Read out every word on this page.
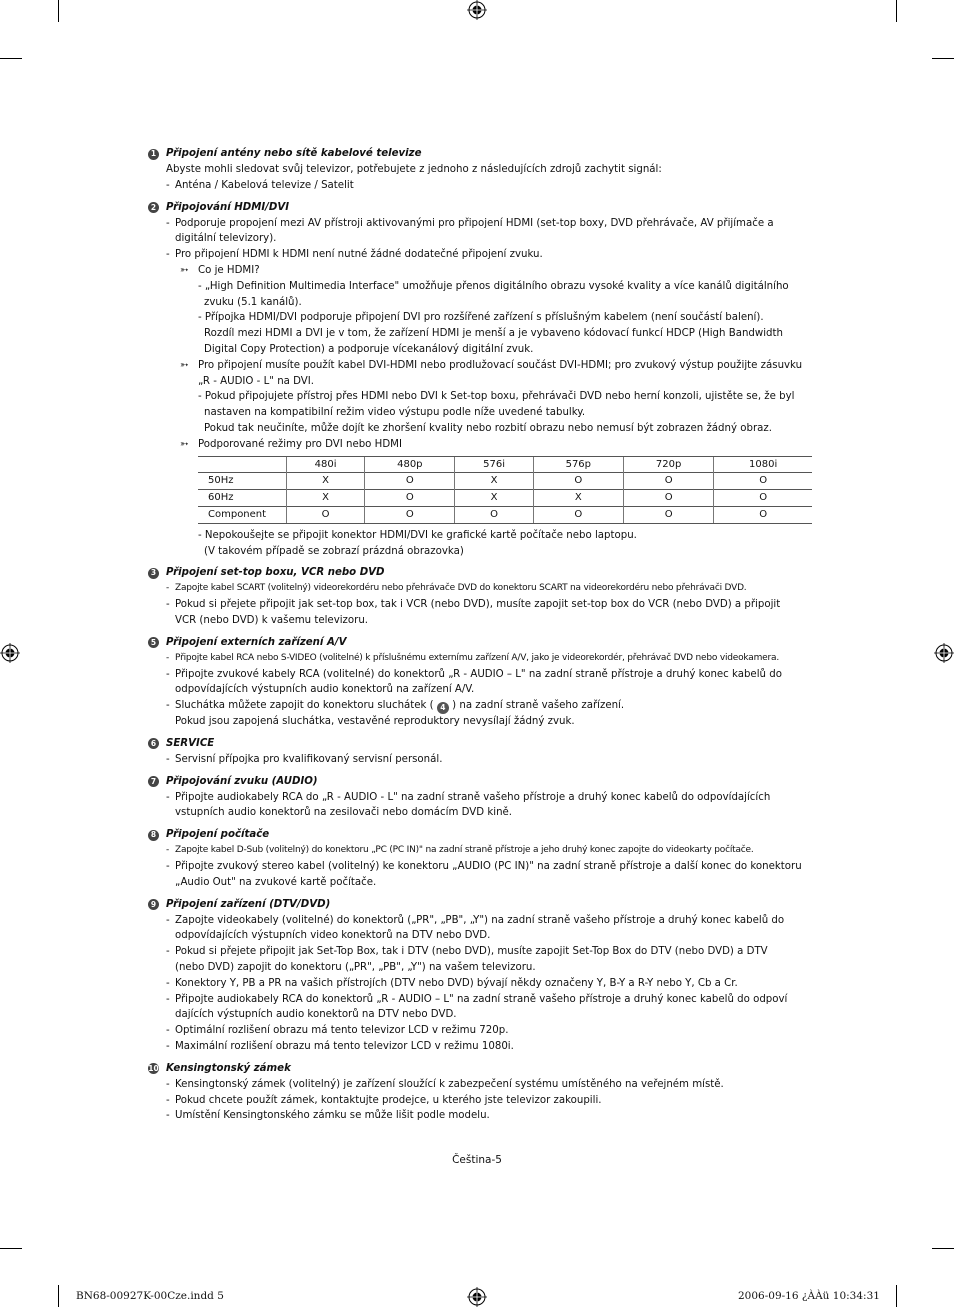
1 Připojení antény nebo sítě kabelové televize
Abyste mohli sledovat svůj televizor, potřebujete z jednoho z následujících zdrojů zachytit signál:
- Anténa / Kabelová televize / Satelit
2 Připojování HDMI/DVI
- Podporuje propojení mezi AV přístroji aktivovanými pro připojení HDMI (set-top boxy, DVD přehrávače, AV přijímače a
digitální televizory).
- Pro připojení HDMI k HDMI není nutné žádné dodatečné připojení zvuku.
➳ Co je HDMI?
- „High Definition Multimedia Interface" umožňuje přenos digitálního obrazu vysoké kvality a více kanálů digitálního
zvuku (5.1 kanálů).
- Přípojka HDMI/DVI podporuje připojení DVI pro rozšířené zařízení s příslušným kabelem (není součástí balení).
Rozdíl mezi HDMI a DVI je v tom, že zařízení HDMI je menší a je vybaveno kódovací funkcí HDCP (High Bandwidth
Digital Copy Protection) a podporuje vícekanálový digitální zvuk.
➳ Pro připojení musíte použít kabel DVI-HDMI nebo prodlužovací součást DVI-HDMI; pro zvukový výstup použijte zásuvku
„R - AUDIO - L" na DVI.
- Pokud připojujete přístroj přes HDMI nebo DVI k Set-top boxu, přehrávači DVD nebo herní konzoli, ujistěte se, že byl
nastaven na kompatibilní režim video výstupu podle níže uvedené tabulky.
Pokud tak neučiníte, může dojít ke zhoršení kvality nebo rozbití obrazu nebo nemusí být zobrazen žádný obraz.
➳ Podporované režimy pro DVI nebo HDMI
	480i	480p	576i	576p	720p	1080i
50Hz	X	O	X	O	O	O
60Hz	X	O	X	X	O	O
Component	O	O	O	O	O	O
- Nepokoušejte se připojit konektor HDMI/DVI ke grafické kartě počítače nebo laptopu.
(V takovém případě se zobrazí prázdná obrazovka)
3 Připojení set-top boxu, VCR nebo DVD
- Zapojte kabel SCART (volitelný) videorekordéru nebo přehrávače DVD do konektoru SCART na videorekordéru nebo přehrávači DVD.
- Pokud si přejete připojit jak set-top box, tak i VCR (nebo DVD), musíte zapojit set-top box do VCR (nebo DVD) a připojit
VCR (nebo DVD) k vašemu televizoru.
5 Připojení externích zařízení A/V
- Připojte kabel RCA nebo S-VIDEO (volitelné) k příslušnému externímu zařízení A/V, jako je videorekordér, přehrávač DVD nebo videokamera.
- Připojte zvukové kabely RCA (volitelné) do konektorů „R - AUDIO – L" na zadní straně přístroje a druhý konec kabelů do
odpovídajících výstupních audio konektorů na zařízení A/V.
- Sluchátka můžete zapojit do konektoru sluchátek ( 4 ) na zadní straně vašeho zařízení.
Pokud jsou zapojená sluchátka, vestavěné reproduktory nevysílají žádný zvuk.
6 SERVICE
- Servisní přípojka pro kvalifikovaný servisní personál.
7 Připojování zvuku (AUDIO)
- Připojte audiokabely RCA do „R - AUDIO - L" na zadní straně vašeho přístroje a druhý konec kabelů do odpovídajících
vstupních audio konektorů na zesilovači nebo domácím DVD kině.
8 Připojení počítače
- Zapojte kabel D-Sub (volitelný) do konektoru „PC (PC IN)" na zadní straně přístroje a jeho druhý konec zapojte do videokarty počítače.
- Připojte zvukový stereo kabel (volitelný) ke konektoru „AUDIO (PC IN)" na zadní straně přístroje a další konec do konektoru
„Audio Out" na zvukové kartě počítače.
9 Připojení zařízení (DTV/DVD)
- Zapojte videokabely (volitelné) do konektorů („PR", „PB", „Y") na zadní straně vašeho přístroje a druhý konec kabelů do
odpovídajících výstupních video konektorů na DTV nebo DVD.
- Pokud si přejete připojit jak Set-Top Box, tak i DTV (nebo DVD), musíte zapojit Set-Top Box do DTV (nebo DVD) a DTV
(nebo DVD) zapojit do konektoru („PR", „PB", „Y") na vašem televizoru.
- Konektory Y, PB a PR na vašich přístrojích (DTV nebo DVD) bývají někdy označeny Y, B-Y a R-Y nebo Y, Cb a Cr.
- Připojte audiokabely RCA do konektorů „R - AUDIO – L" na zadní straně vašeho přístroje a druhý konec kabelů do odpoví
dajících výstupních audio konektorů na DTV nebo DVD.
- Optimální rozlišení obrazu má tento televizor LCD v režimu 720p.
- Maximální rozlišení obrazu má tento televizor LCD v režimu 1080i.
10 Kensingtonský zámek
- Kensingtonský zámek (volitelný) je zařízení sloužící k zabezpečení systému umístěného na veřejném místě.
- Pokud chcete použít zámek, kontaktujte prodejce, u kterého jste televizor zakoupili.
- Umístění Kensingtonského zámku se může lišit podle modelu.
Čeština-5
BN68-00927K-00Cze.indd 5	2006-09-16 ¿ÀÀü 10:34:31
